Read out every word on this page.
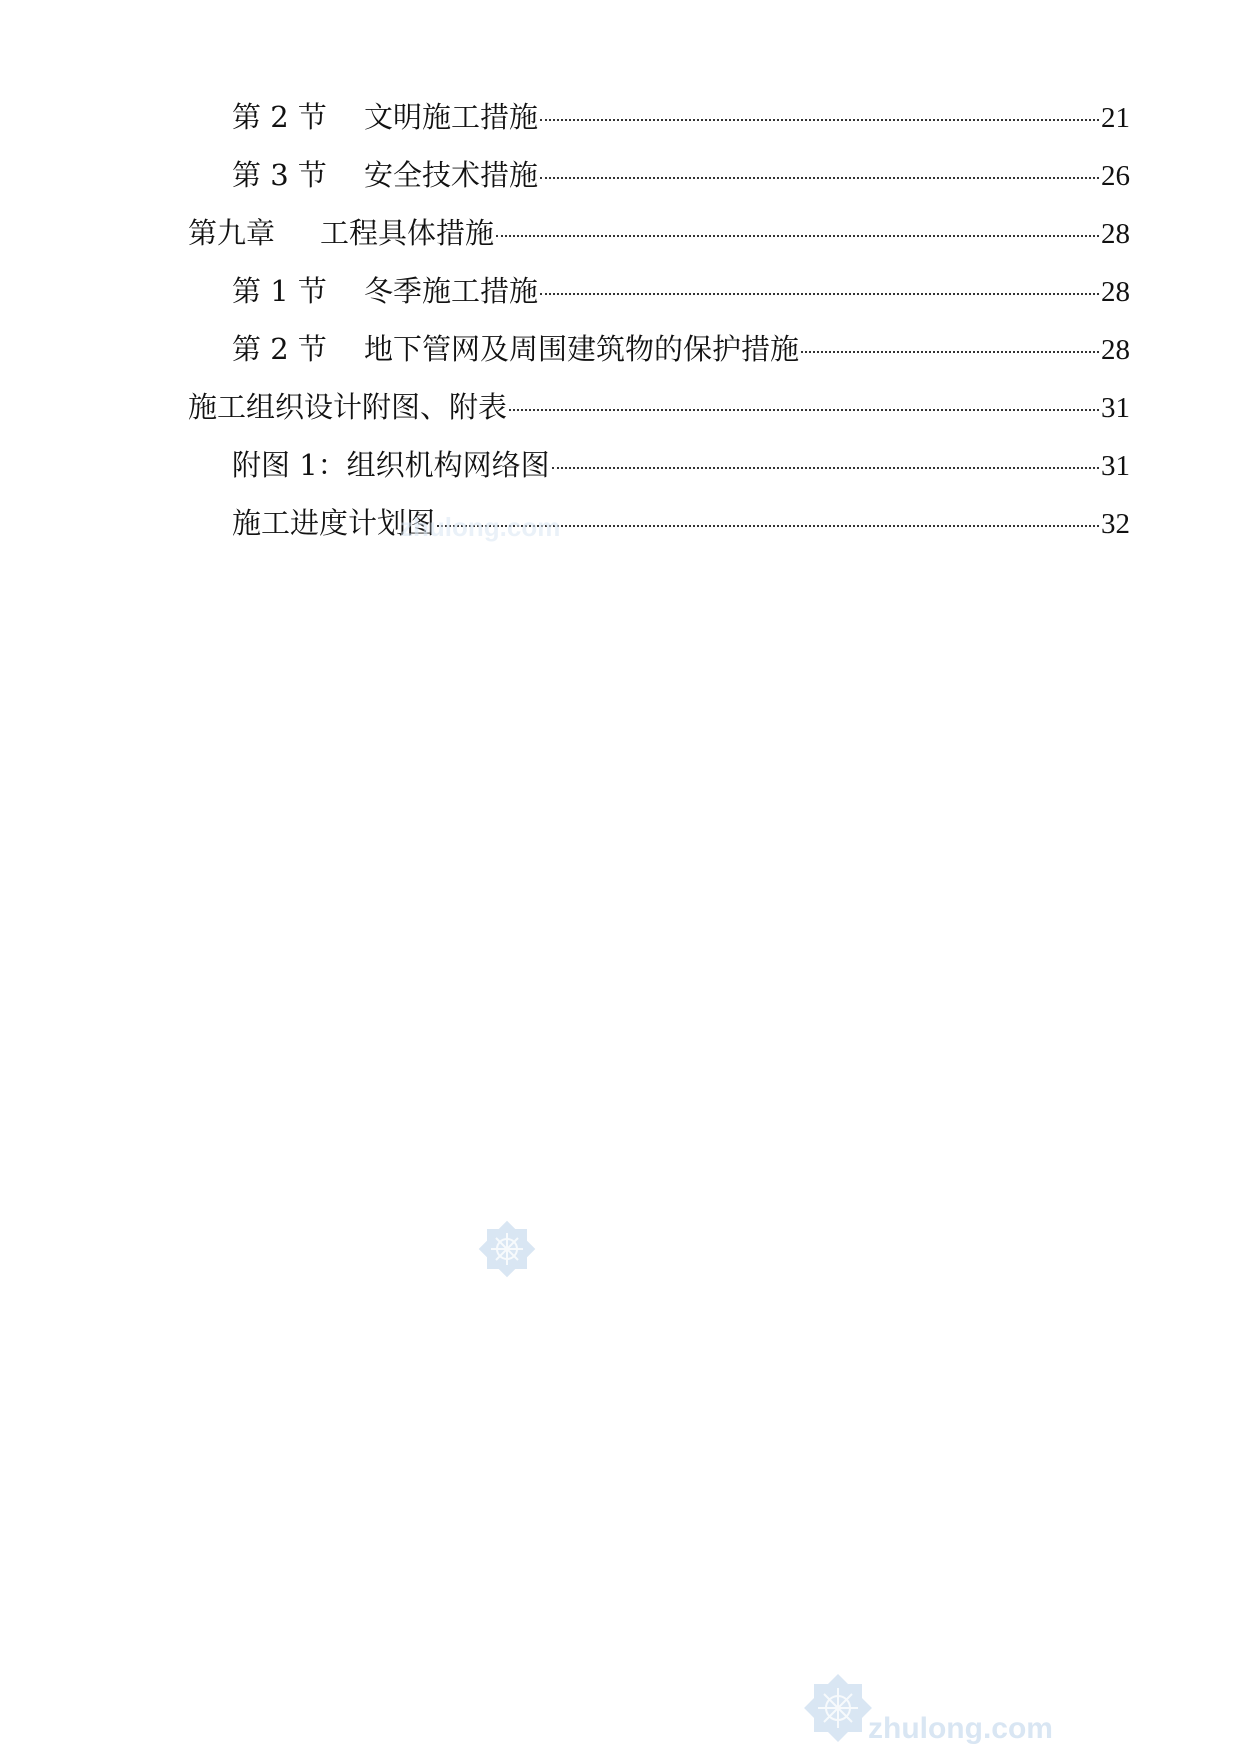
第 2 节	文明施工措施	21
第 3 节	安全技术措施	26
第九章	工程具体措施	28
第 1 节	冬季施工措施	28
第 2 节	地下管网及周围建筑物的保护措施	28
施工组织设计附图、附表	31
附图 1：组织机构网络图	31
施工进度计划图	32
zhulong.com
zhulong.com
